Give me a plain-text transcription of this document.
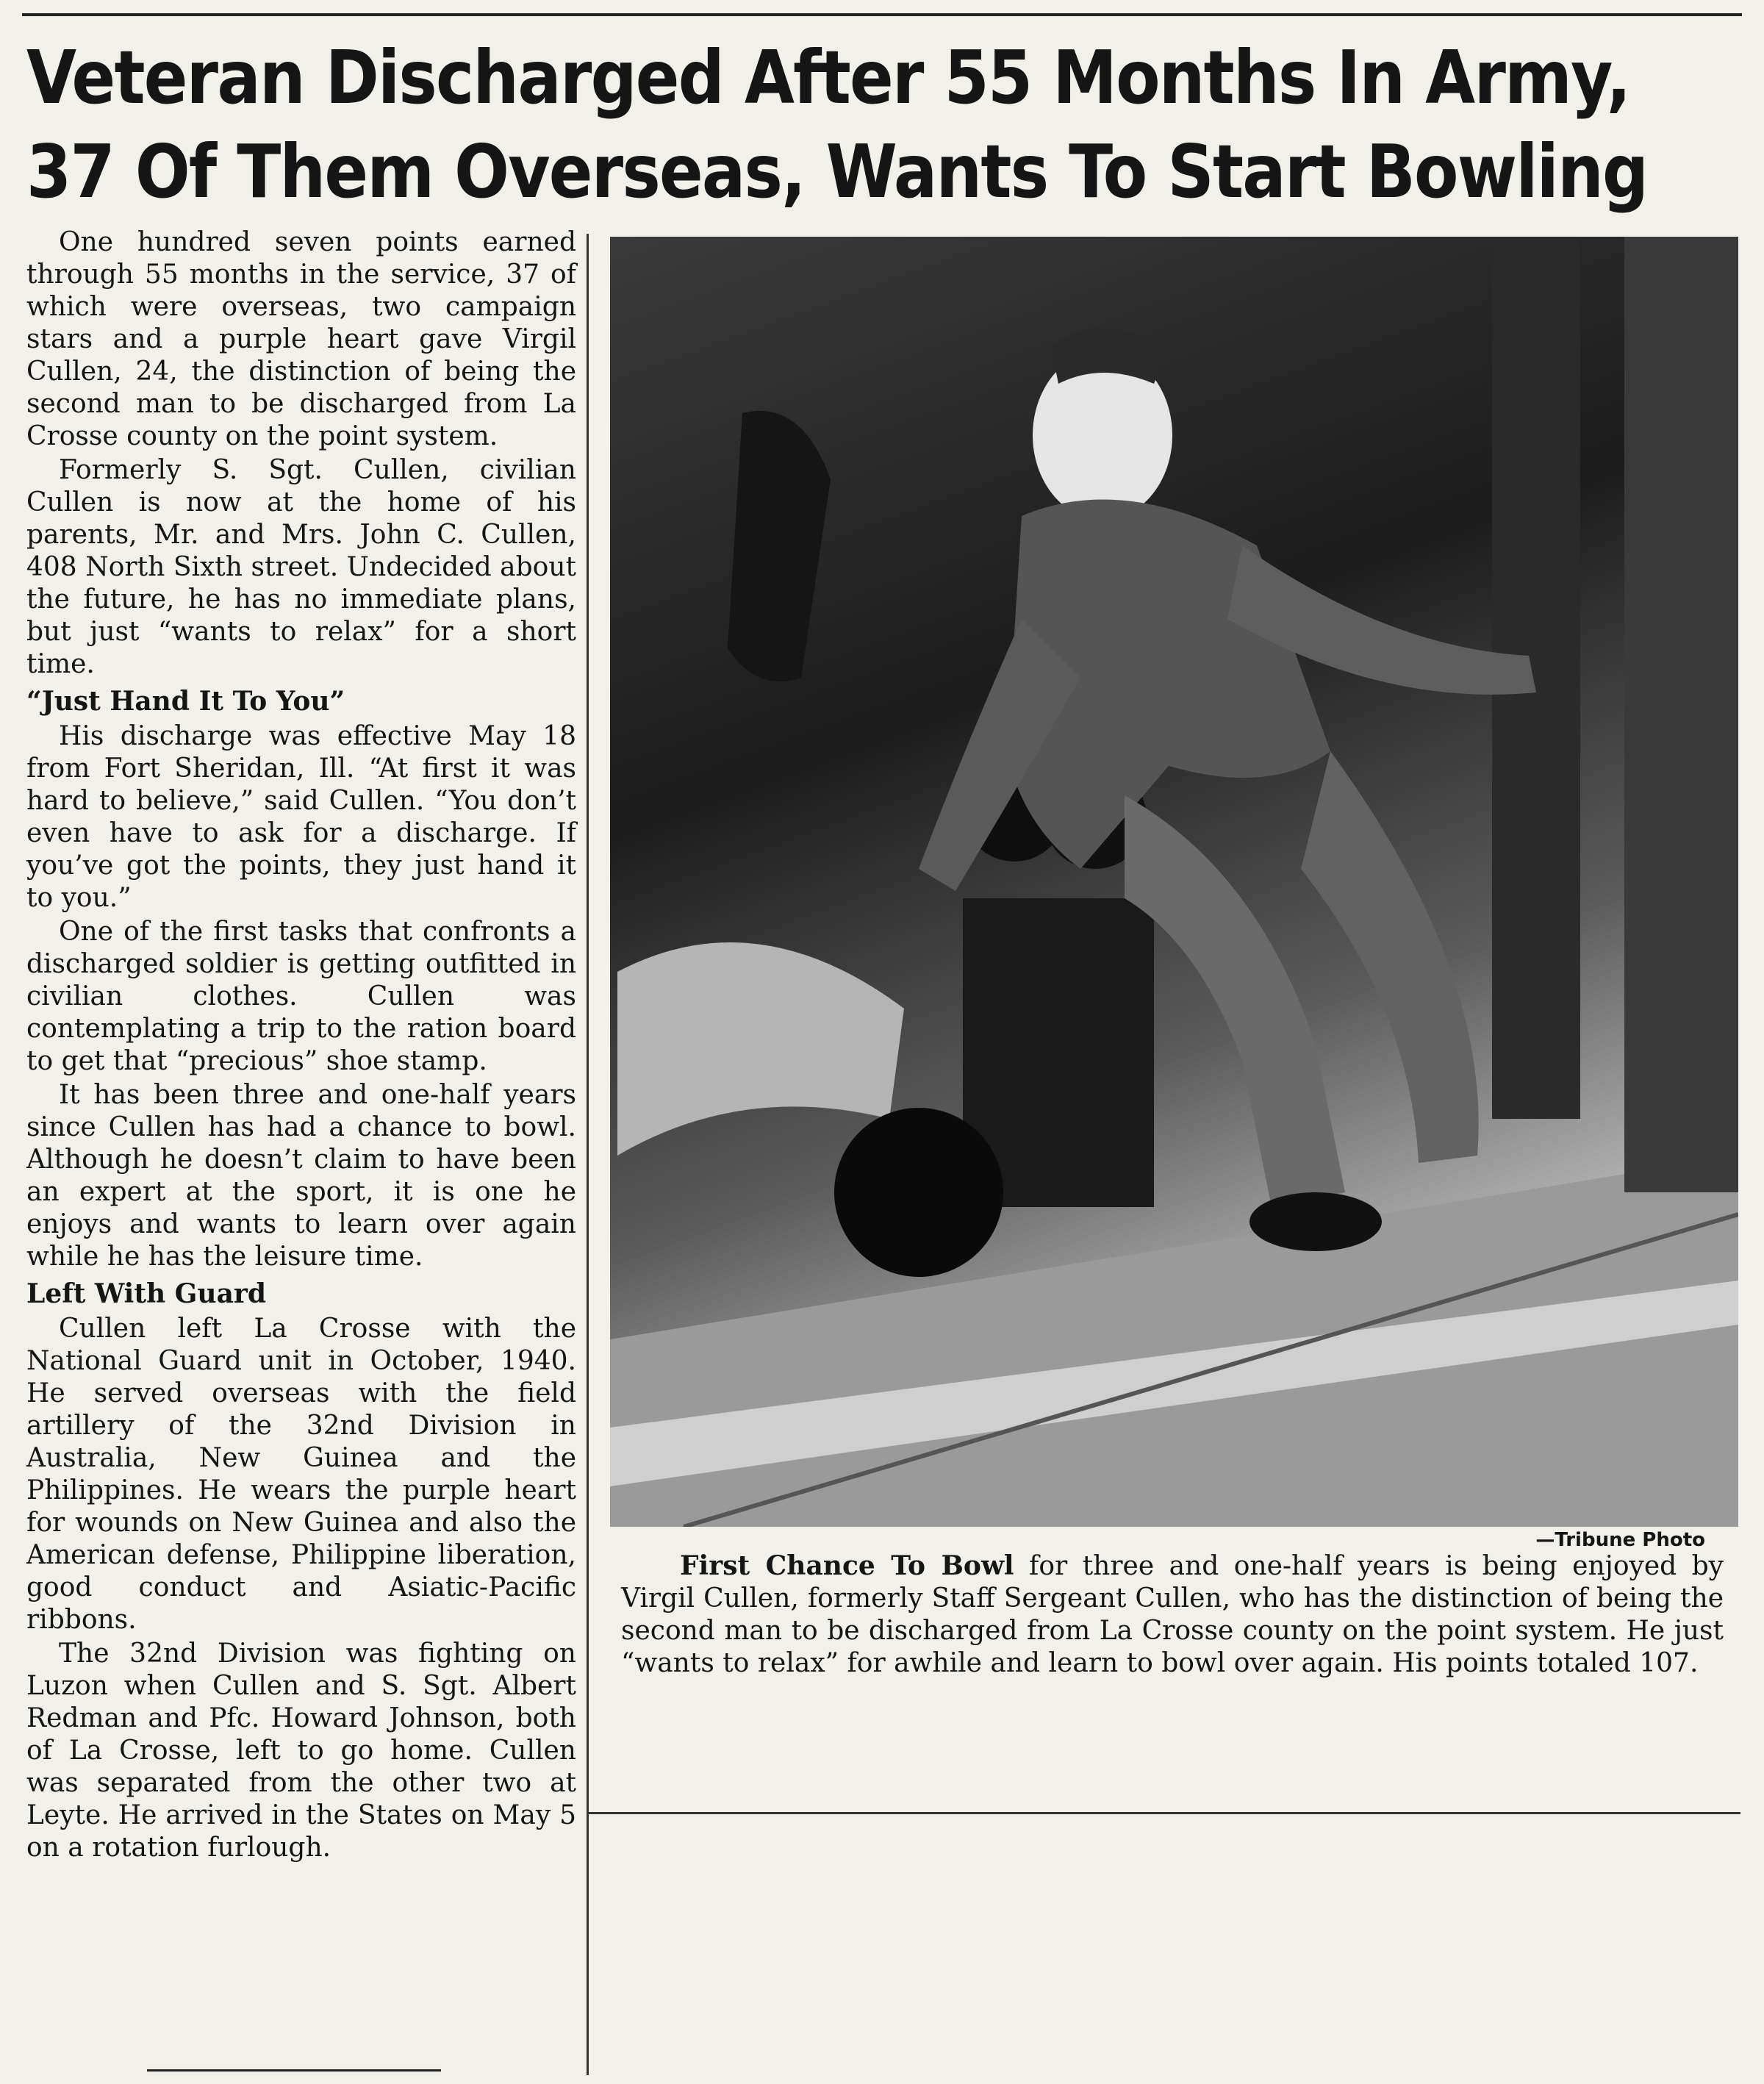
Veteran Discharged After 55 Months In Army,
37 Of Them Overseas, Wants To Start Bowling

One hundred seven points earned through 55 months in the service, 37 of which were overseas, two campaign stars and a purple heart gave Virgil Cullen, 24, the distinction of being the second man to be discharged from La Crosse county on the point system.

Formerly S. Sgt. Cullen, civilian Cullen is now at the home of his parents, Mr. and Mrs. John C. Cullen, 408 North Sixth street. Undecided about the future, he has no immediate plans, but just “wants to relax” for a short time.

“Just Hand It To You”

His discharge was effective May 18 from Fort Sheridan, Ill. “At first it was hard to believe,” said Cullen. “You don’t even have to ask for a discharge. If you’ve got the points, they just hand it to you.”

One of the first tasks that confronts a discharged soldier is getting outfitted in civilian clothes. Cullen was contemplating a trip to the ration board to get that “precious” shoe stamp.

It has been three and one-half years since Cullen has had a chance to bowl. Although he doesn’t claim to have been an expert at the sport, it is one he enjoys and wants to learn over again while he has the leisure time.

Left With Guard

Cullen left La Crosse with the National Guard unit in October, 1940. He served overseas with the field artillery of the 32nd Division in Australia, New Guinea and the Philippines. He wears the purple heart for wounds on New Guinea and also the American defense, Philippine liberation, good conduct and Asiatic-Pacific ribbons.

The 32nd Division was fighting on Luzon when Cullen and S. Sgt. Albert Redman and Pfc. Howard Johnson, both of La Crosse, left to go home. Cullen was separated from the other two at Leyte. He arrived in the States on May 5 on a rotation furlough.

—Tribune Photo
First Chance To Bowl for three and one-half years is being enjoyed by Virgil Cullen, formerly Staff Sergeant Cullen, who has the distinction of being the second man to be discharged from La Crosse county on the point system. He just “wants to relax” for awhile and learn to bowl over again. His points totaled 107.
